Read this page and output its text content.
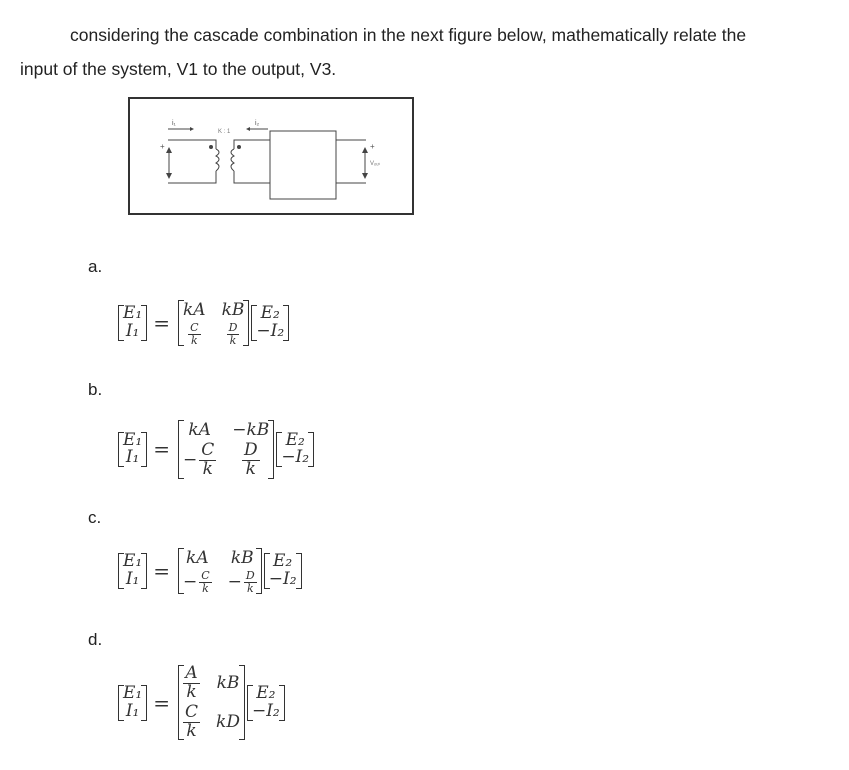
considering the cascade combination in the next figure below, mathematically relate the
input of the system, V1 to the output, V3.
i₁	i₂
K : 1
+	+
Vₒᵤₜ
a.
E₁
I₁ =
kA kB
$\frac{C}{k} \frac{D}{k}$
E₂
−I₂
b.
E₁
I₁ =
kA −kB
− $\frac{C}{k} \frac{D}{k}$
E₂
−I₂
c.
E₁
I₁ =
kA kB
− $\frac{C}{k} - \frac{D}{k}$
E₂
−I₂
d.
E₁
I₁ =
$\frac{A}{k}$ kB
$\frac{C}{k}$ kD
E₂
−I₂
